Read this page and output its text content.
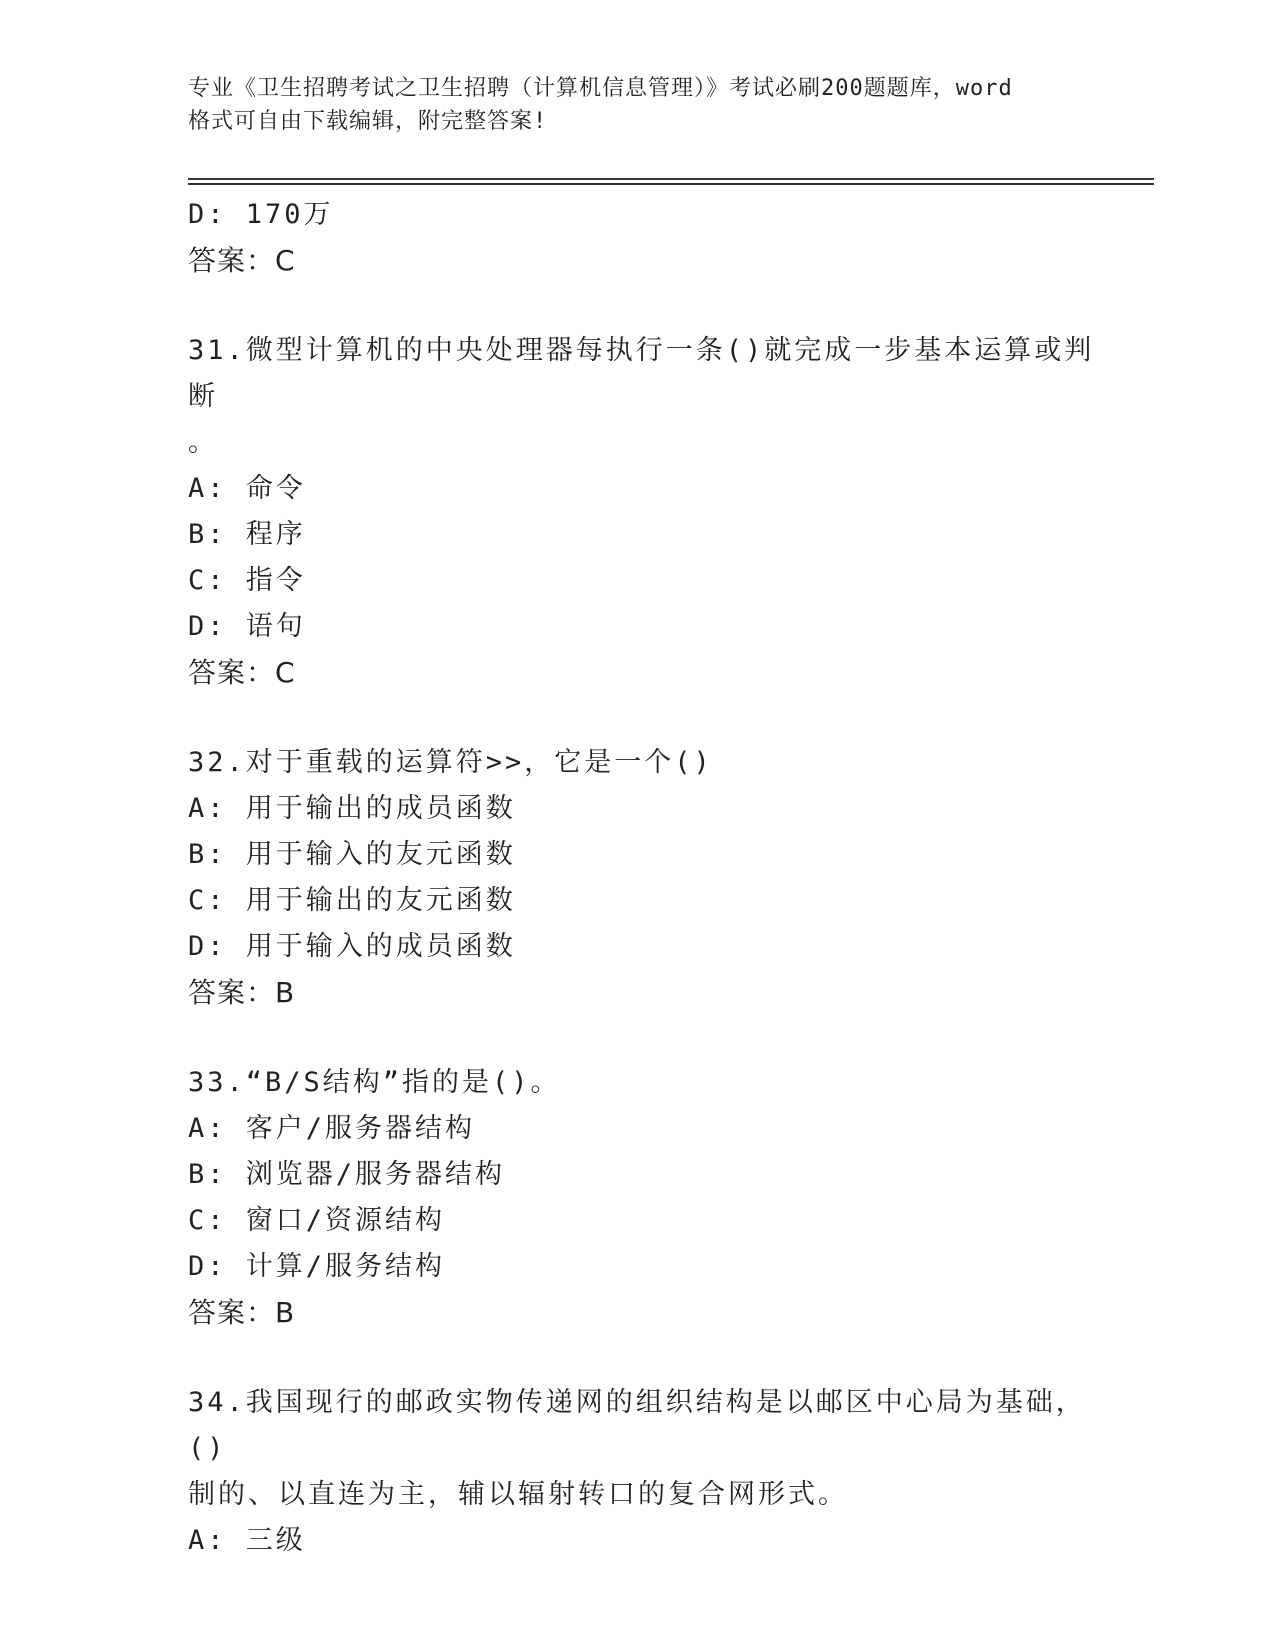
专业《卫生招聘考试之卫生招聘（计算机信息管理）》考试必刷200题题库，word
格式可自由下载编辑，附完整答案!
D: 170万
答案：C
31.微型计算机的中央处理器每执行一条()就完成一步基本运算或判断
。
A: 命令
B: 程序
C: 指令
D: 语句
答案：C
32.对于重载的运算符>>，它是一个()
A: 用于输出的成员函数
B: 用于输入的友元函数
C: 用于输出的友元函数
D: 用于输入的成员函数
答案：B
33.“B/S结构”指的是()。
A: 客户/服务器结构
B: 浏览器/服务器结构
C: 窗口/资源结构
D: 计算/服务结构
答案：B
34.我国现行的邮政实物传递网的组织结构是以邮区中心局为基础，()
制的、以直连为主，辅以辐射转口的复合网形式。
A: 三级
